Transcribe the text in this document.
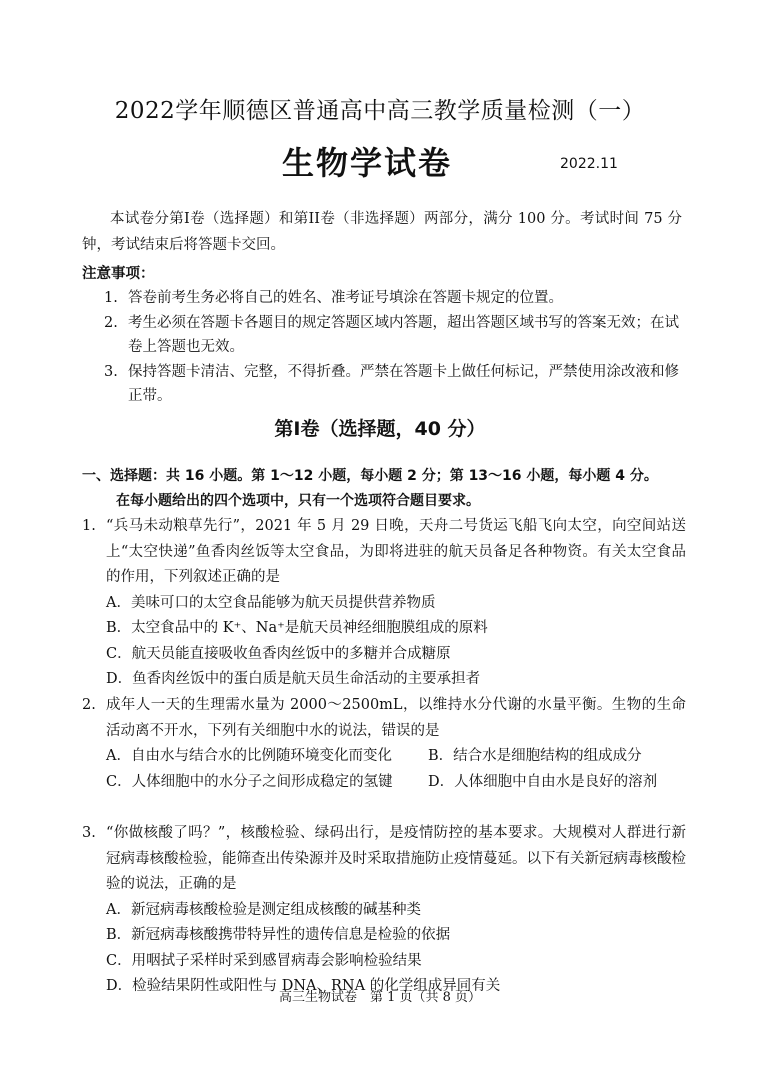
2022学年顺德区普通高中高三教学质量检测（一）
生物学试卷	2022.11
本试卷分第I卷（选择题）和第II卷（非选择题）两部分，满分 100 分。考试时间 75 分钟，考试结束后将答题卡交回。
注意事项：
1. 答卷前考生务必将自己的姓名、准考证号填涂在答题卡规定的位置。
2. 考生必须在答题卡各题目的规定答题区域内答题，超出答题区域书写的答案无效；在试卷上答题也无效。
3. 保持答题卡清洁、完整，不得折叠。严禁在答题卡上做任何标记，严禁使用涂改液和修正带。
第I卷（选择题，40 分）
一、选择题：共 16 小题。第 1～12 小题，每小题 2 分；第 13～16 小题，每小题 4 分。
在每小题给出的四个选项中，只有一个选项符合题目要求。
1. “兵马未动粮草先行”，2021 年 5 月 29 日晚，天舟二号货运飞船飞向太空，向空间站送上“太空快递”鱼香肉丝饭等太空食品，为即将进驻的航天员备足各种物资。有关太空食品的作用，下列叙述正确的是
A．美味可口的太空食品能够为航天员提供营养物质
B．太空食品中的 K⁺、Na⁺是航天员神经细胞膜组成的原料
C．航天员能直接吸收鱼香肉丝饭中的多糖并合成糖原
D．鱼香肉丝饭中的蛋白质是航天员生命活动的主要承担者
2. 成年人一天的生理需水量为 2000～2500mL，以维持水分代谢的水量平衡。生物的生命活动离不开水，下列有关细胞中水的说法，错误的是
A．自由水与结合水的比例随环境变化而变化	B．结合水是细胞结构的组成成分
C．人体细胞中的水分子之间形成稳定的氢键	D．人体细胞中自由水是良好的溶剂
3. “你做核酸了吗？”，核酸检验、绿码出行，是疫情防控的基本要求。大规模对人群进行新冠病毒核酸检验，能筛查出传染源并及时采取措施防止疫情蔓延。以下有关新冠病毒核酸检验的说法，正确的是
A．新冠病毒核酸检验是测定组成核酸的碱基种类
B．新冠病毒核酸携带特异性的遗传信息是检验的依据
C．用咽拭子采样时采到感冒病毒会影响检验结果
D．检验结果阴性或阳性与 DNA、RNA 的化学组成异同有关
高三生物试卷　第 1 页（共 8 页）
